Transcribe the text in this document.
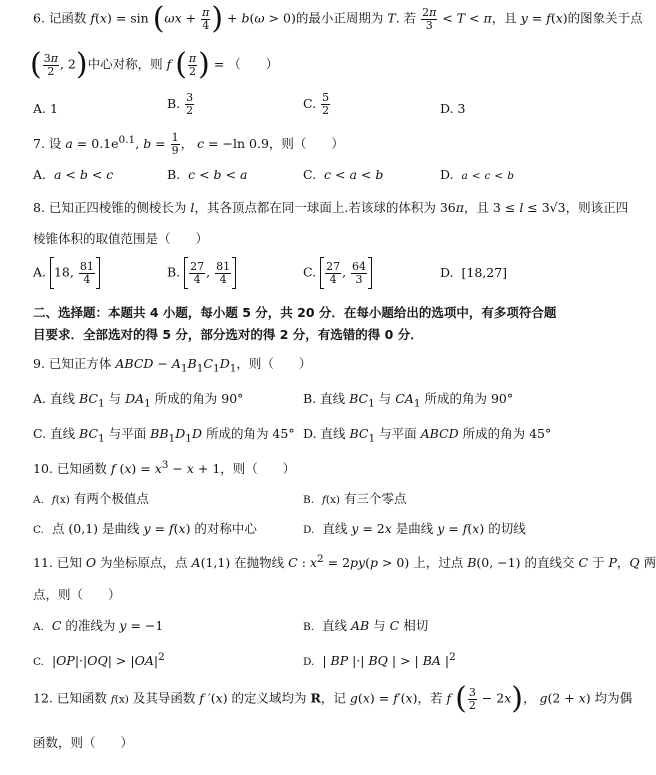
6. 记函数 $f(x) = \sin (\omega x + \frac{\pi}{4}$ ) + b(ω > 0)的最小正周期为 T. 若 $\frac{2\pi}{3} < T < \pi$，且 y = f(x)的图象关于点
( $\frac{3\pi}{2}$ , 2)中心对称，则 f ( $\frac{\pi}{2}$ ) = （　　）
A. 1	B. $\frac{3}{2}$	C. $\frac{5}{2}$	D. 3
7. 设 $a = 0.1e^{0.1}$, $b = \frac{1}{9}$ ， c = −ln 0.9，则（　　）
A.  a < b < c	B.  c < b < a	C.  c < a < b	D.  a < c < b
8. 已知正四棱锥的侧棱长为 l，其各顶点都在同一球面上.若该球的体积为 36π，且 3 ≤ l ≤ 3√3，则该正四
棱锥体积的取值范围是（　　）
A. 18, $\frac{81}{4}$	B. $\frac{27}{4}$ , $\frac{81}{4}$	C. $\frac{27}{4}$ , $\frac{64}{3}$	D.  [18,27]
二、选择题：本题共 4 小题，每小题 5 分，共 20 分．在每小题给出的选项中，有多项符合题
目要求．全部选对的得 5 分，部分选对的得 2 分，有选错的得 0 分．
9. 已知正方体 ABCD − $A_1B_1C_1D_1$，则（　　）
A. 直线 $BC_1$ 与 $DA_1$ 所成的角为 90°	B. 直线 $BC_1$ 与 $CA_1$ 所成的角为 90°
C. 直线 $BC_1$ 与平面 $BB_1D_1D$ 所成的角为 45° D. 直线 $BC_1$ 与平面 ABCD 所成的角为 45°
10. 已知函数 f $(x) = x^3 - x + 1$，则（　　）
A. f(x) 有两个极值点	B. f(x) 有三个零点
C.  点 (0,1) 是曲线 y = f(x) 的对称中心	D.  直线 y = 2x 是曲线 y = f(x) 的切线
11. 已知 O 为坐标原点，点 A(1,1) 在抛物线 C : $x^2 = 2py(p > 0)$ 上，过点 B(0, −1) 的直线交 C 于 P，Q 两
点，则（　　）
A. C 的准线为 y = −1	B.  直线 AB 与 C 相切
C.  $|OP|\cdot|OQ| > |OA|^2$	D.  | BP |·| BQ | > | BA $|^2$
12. 已知函数 f(x) 及其导函数 f ′(x) 的定义域均为 R，记 g(x) = f′(x)，若 f ( $\frac{3}{2} - 2x$)， g(2 + x) 均为偶
函数，则（　　）
